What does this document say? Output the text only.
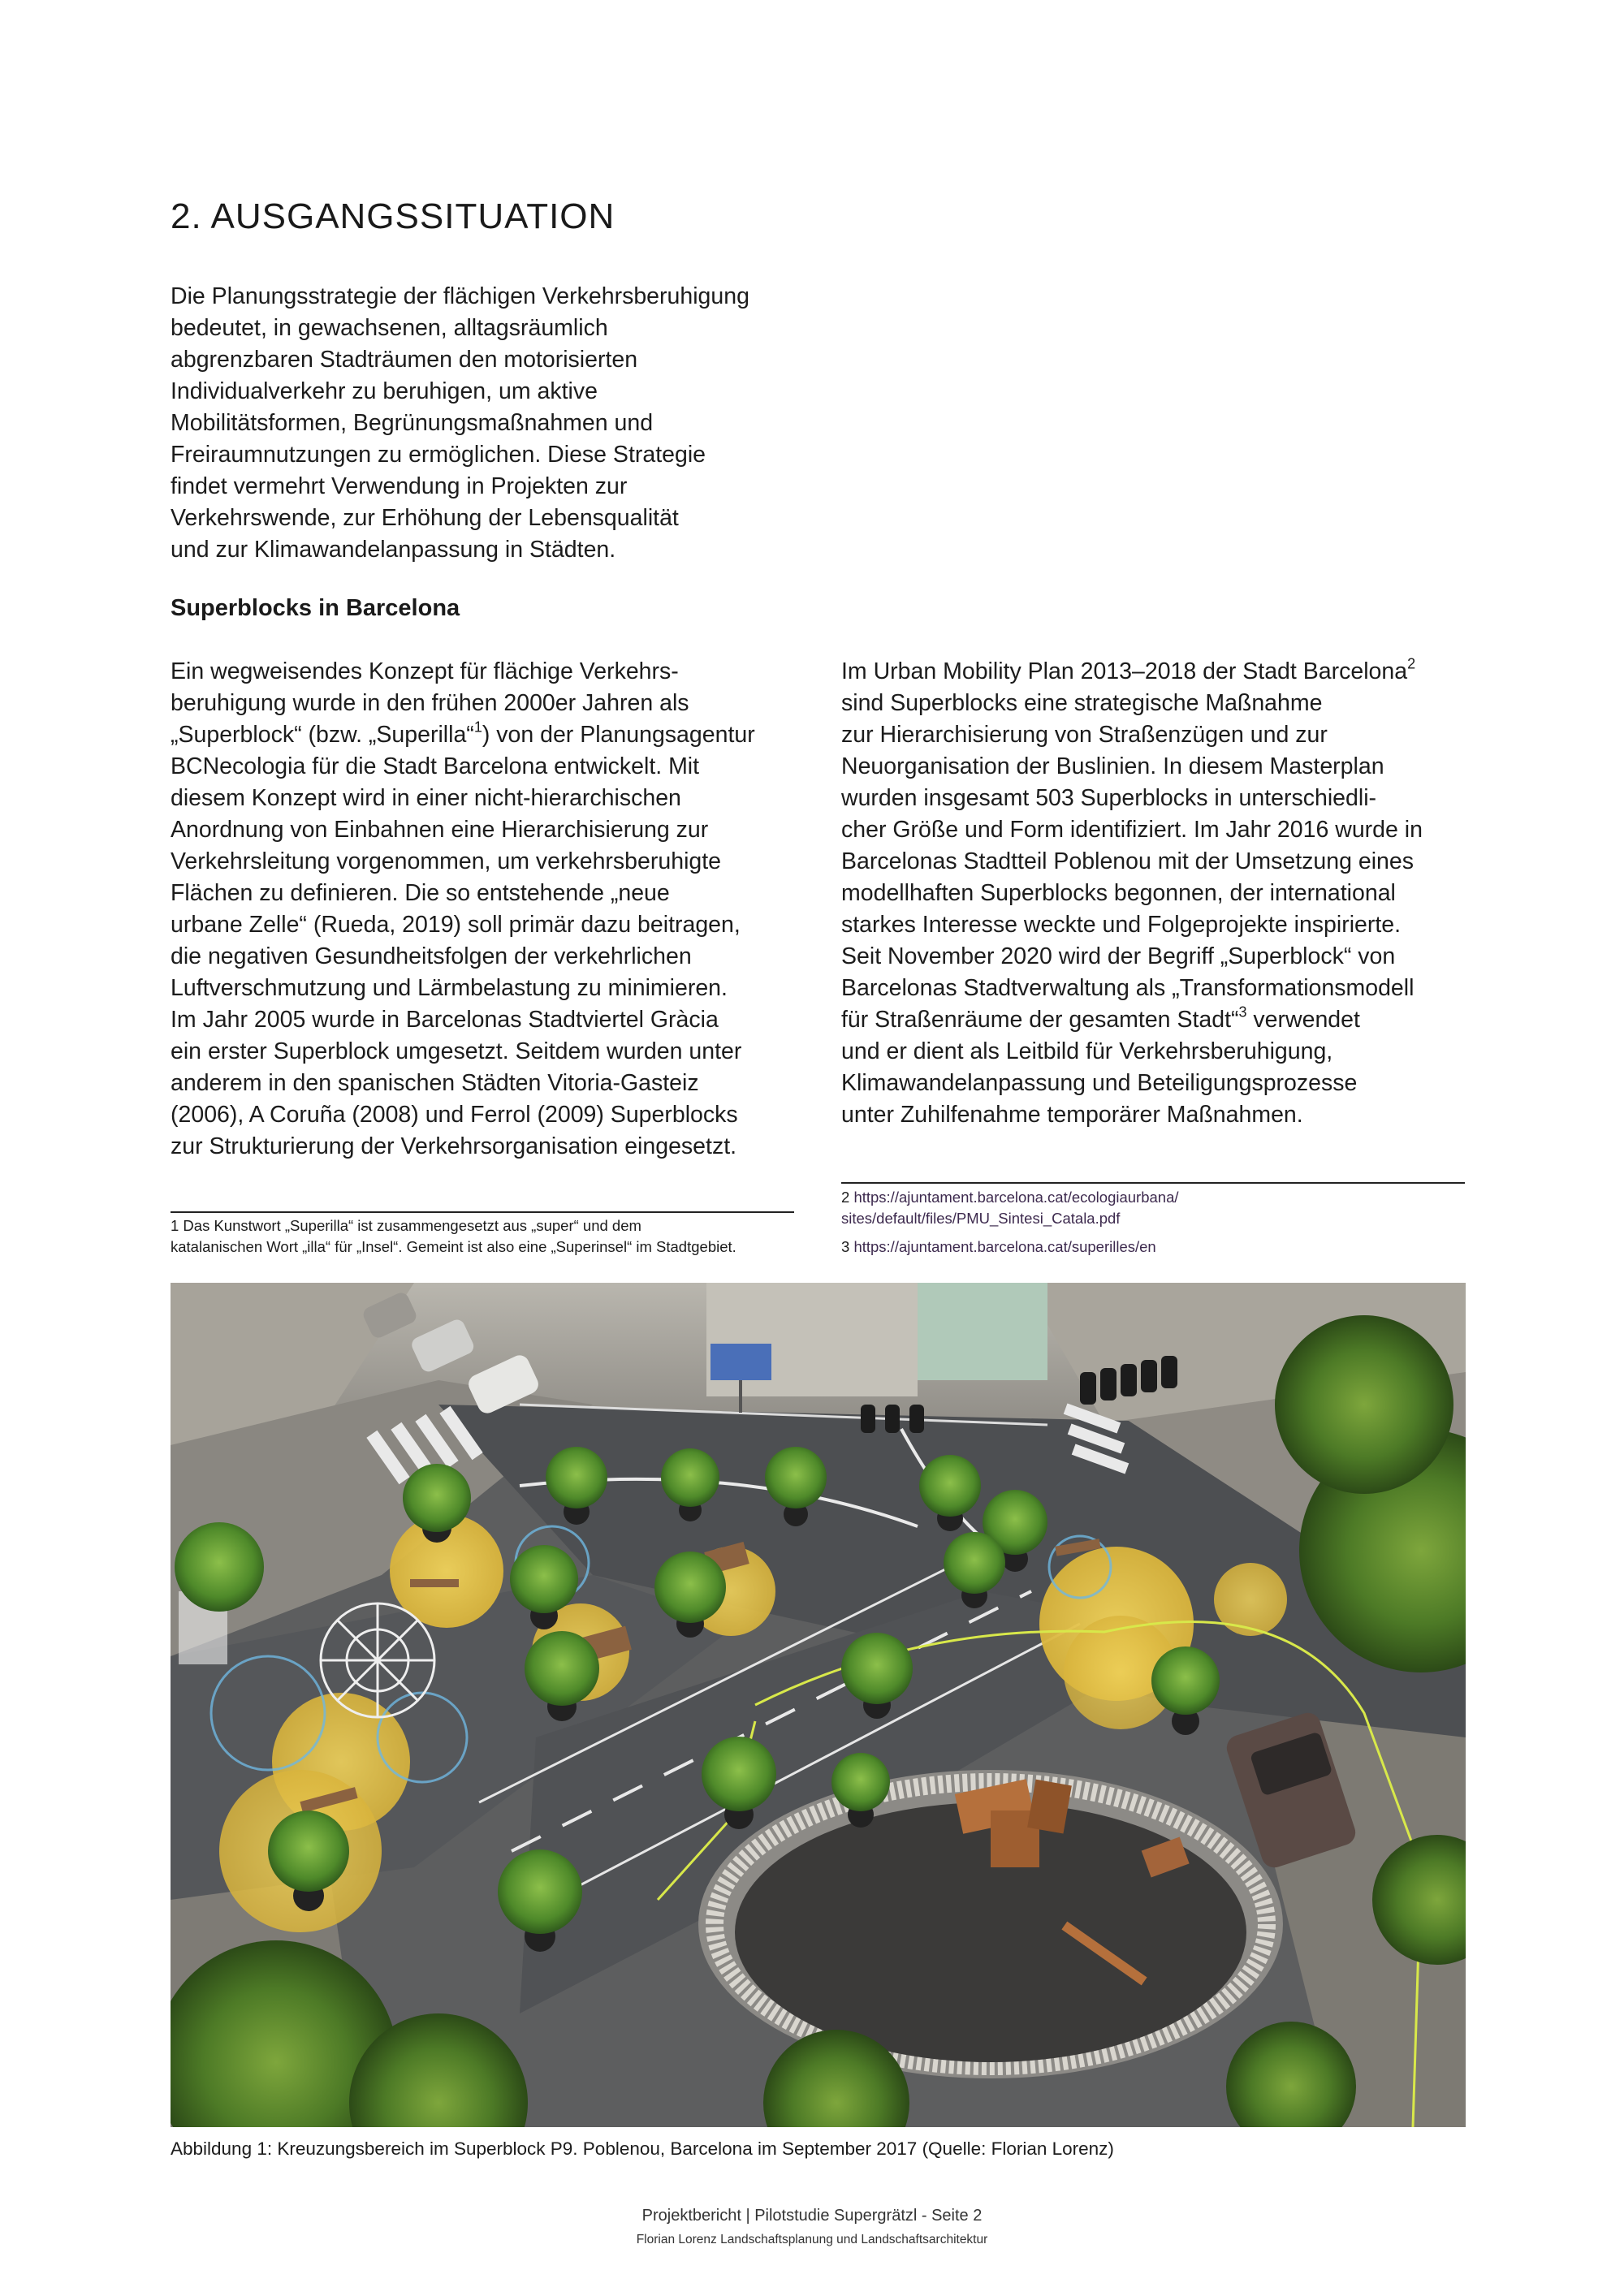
2. AUSGANGSSITUATION
Die Planungsstrategie der flächigen Verkehrsberuhigung
bedeutet, in gewachsenen, alltagsräumlich
abgrenzbaren Stadträumen den motorisierten
Individualverkehr zu beruhigen, um aktive
Mobilitätsformen, Begrünungsmaßnahmen und
Freiraumnutzungen zu ermöglichen. Diese Strategie
findet vermehrt Verwendung in Projekten zur
Verkehrswende, zur Erhöhung der Lebensqualität
und zur Klimawandelanpassung in Städten.
Superblocks in Barcelona
Ein wegweisendes Konzept für flächige Verkehrs-
beruhigung wurde in den frühen 2000er Jahren als
„Superblock“ (bzw. „Superilla“$^1$) von der Planungsagentur
BCNecologia für die Stadt Barcelona entwickelt. Mit
diesem Konzept wird in einer nicht-hierarchischen
Anordnung von Einbahnen eine Hierarchisierung zur
Verkehrsleitung vorgenommen, um verkehrsberuhigte
Flächen zu definieren. Die so entstehende „neue
urbane Zelle“ (Rueda, 2019) soll primär dazu beitragen,
die negativen Gesundheitsfolgen der verkehrlichen
Luftverschmutzung und Lärmbelastung zu minimieren.
Im Jahr 2005 wurde in Barcelonas Stadtviertel Gràcia
ein erster Superblock umgesetzt. Seitdem wurden unter
anderem in den spanischen Städten Vitoria-Gasteiz
(2006), A Coruña (2008) und Ferrol (2009) Superblocks
zur Strukturierung der Verkehrsorganisation eingesetzt.
Im Urban Mobility Plan 2013–2018 der Stadt Barcelona$^2$
sind Superblocks eine strategische Maßnahme
zur Hierarchisierung von Straßenzügen und zur
Neuorganisation der Buslinien. In diesem Masterplan
wurden insgesamt 503 Superblocks in unterschiedli-
cher Größe und Form identifiziert. Im Jahr 2016 wurde in
Barcelonas Stadtteil Poblenou mit der Umsetzung eines
modellhaften Superblocks begonnen, der international
starkes Interesse weckte und Folgeprojekte inspirierte.
Seit November 2020 wird der Begriff „Superblock“ von
Barcelonas Stadtverwaltung als „Transformationsmodell
für Straßenräume der gesamten Stadt“$^3$ verwendet
und er dient als Leitbild für Verkehrsberuhigung,
Klimawandelanpassung und Beteiligungsprozesse
unter Zuhilfenahme temporärer Maßnahmen.
1 Das Kunstwort „Superilla“ ist zusammengesetzt aus „super“ und dem
katalanischen Wort „illa“ für „Insel“. Gemeint ist also eine „Superinsel“ im Stadtgebiet.
2 https://ajuntament.barcelona.cat/ecologiaurbana/
sites/default/files/PMU_Sintesi_Catala.pdf
3 https://ajuntament.barcelona.cat/superilles/en

Abbildung 1: Kreuzungsbereich im Superblock P9. Poblenou, Barcelona im September 2017 (Quelle: Florian Lorenz)

Projektbericht | Pilotstudie Supergrätzl - Seite 2

Florian Lorenz Landschaftsplanung und Landschaftsarchitektur
